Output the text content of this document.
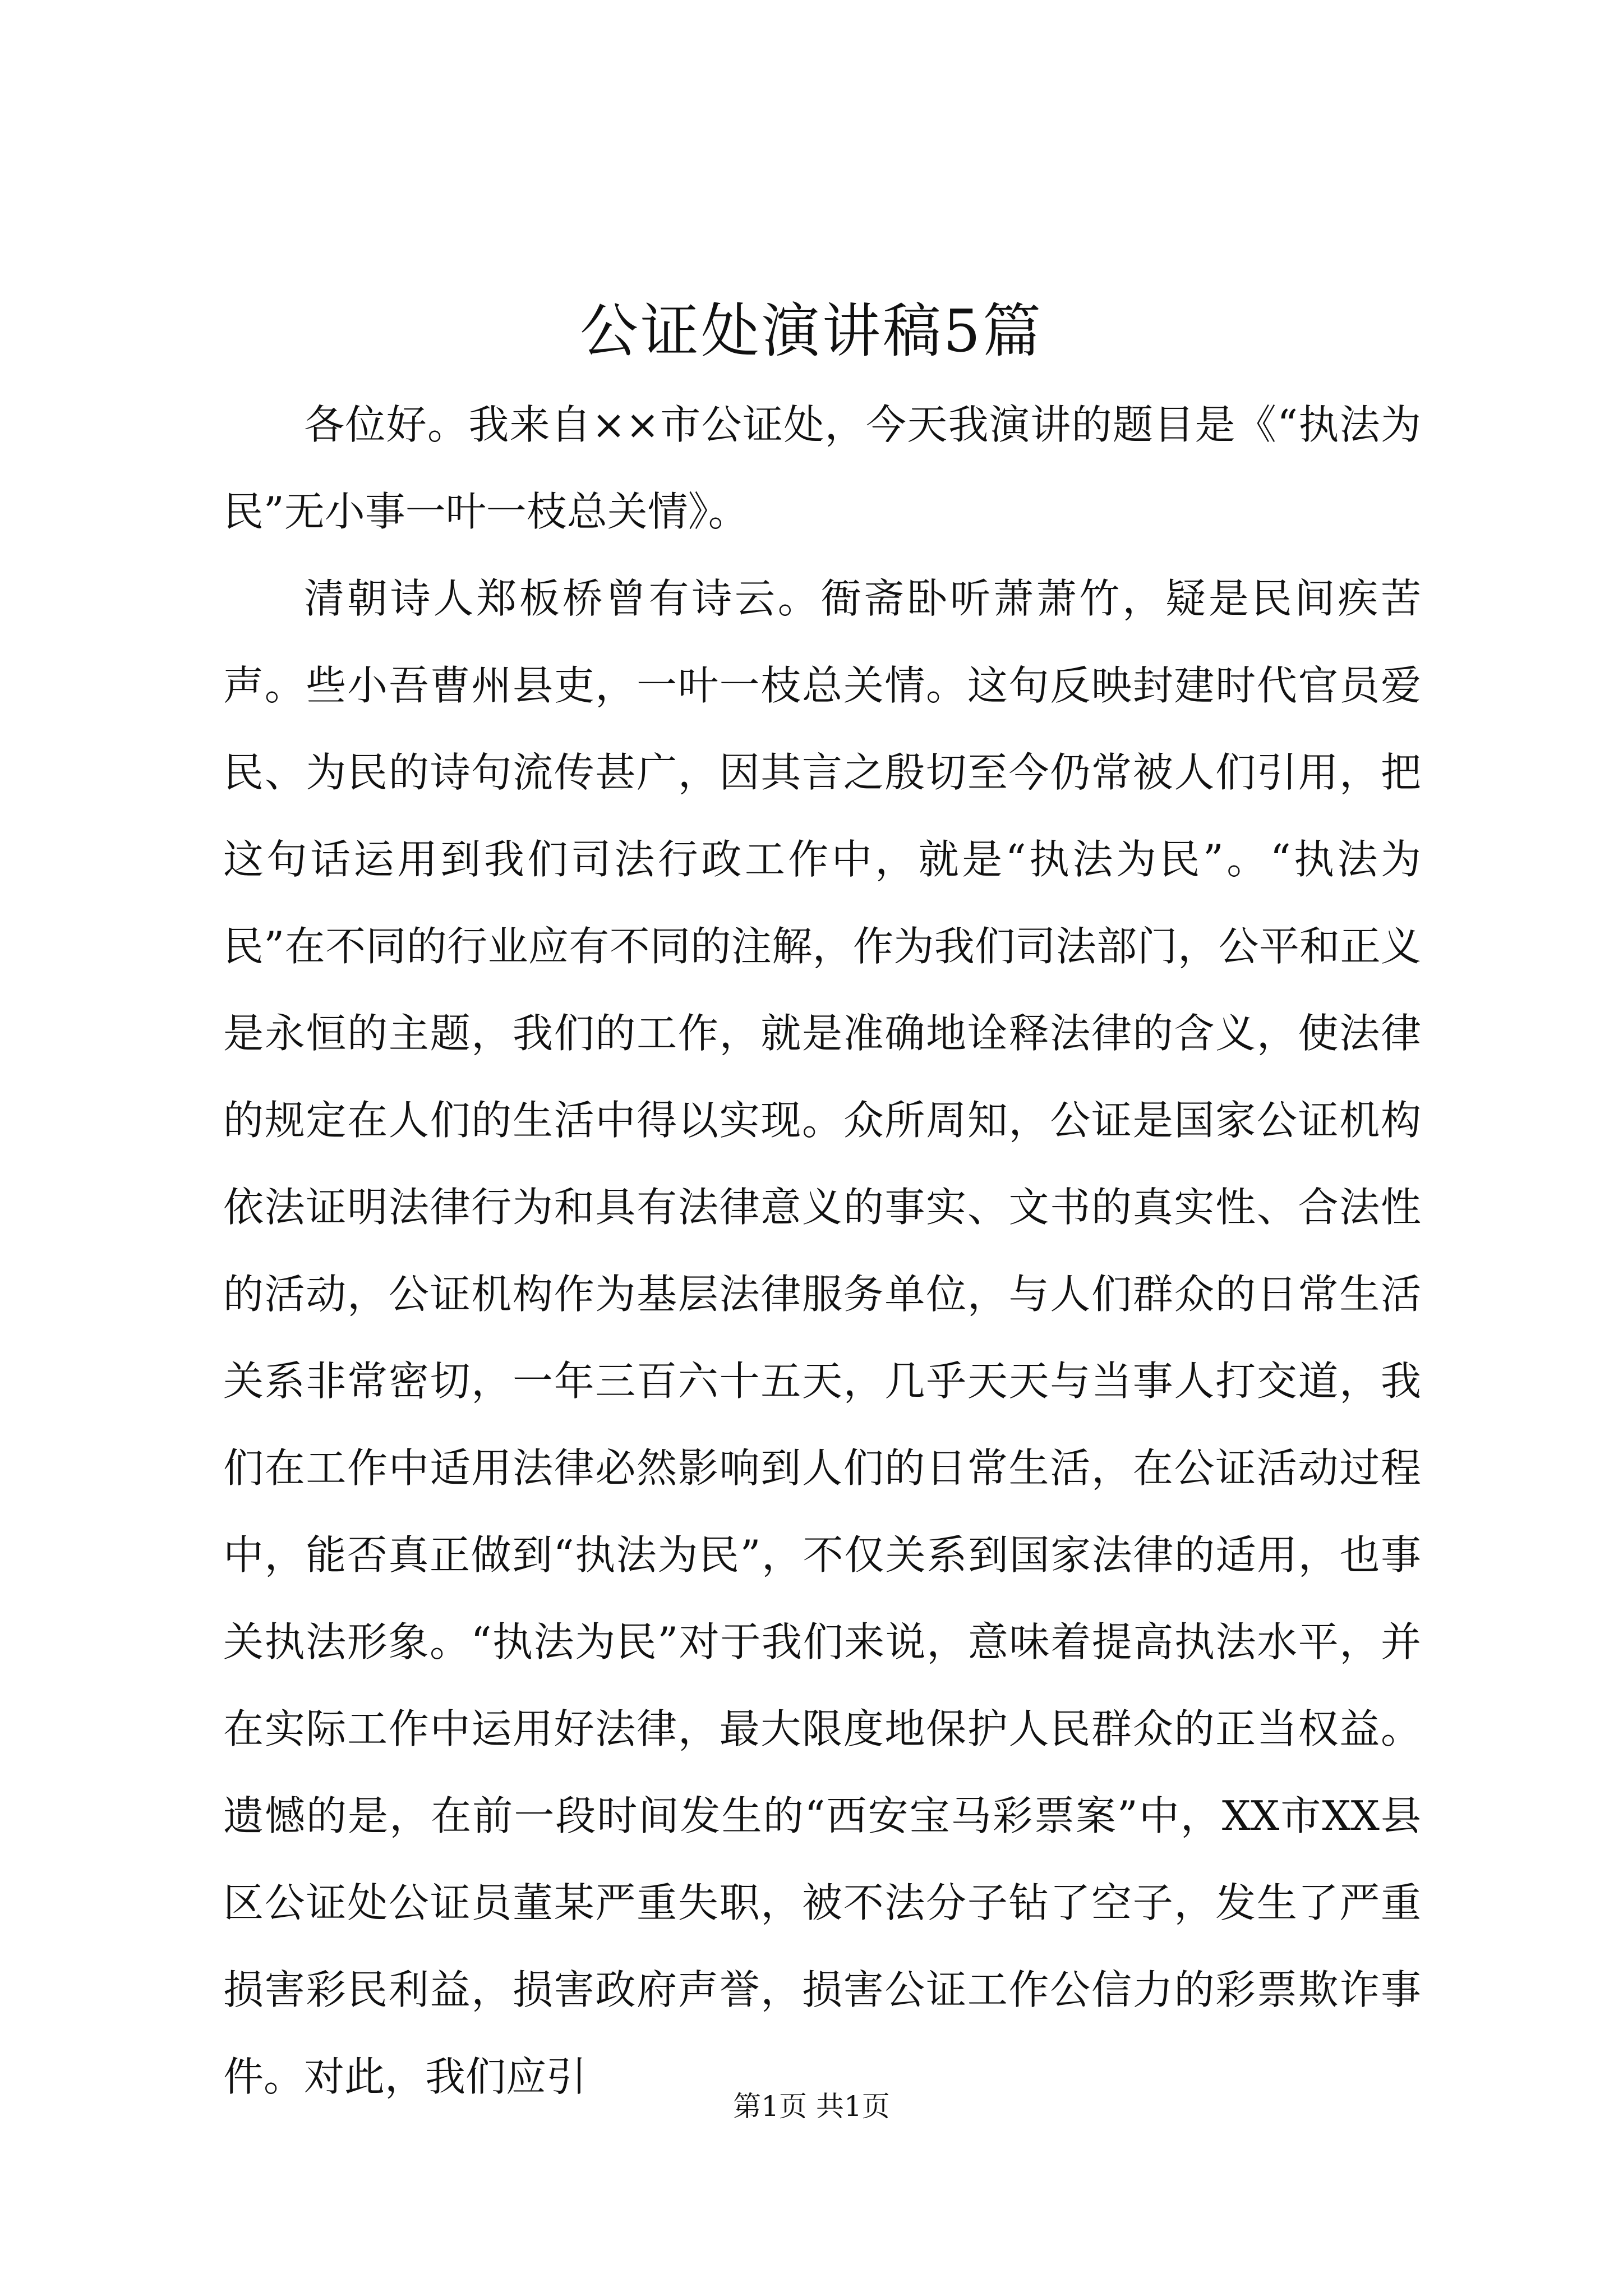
公证处演讲稿5篇

各位好。我来自××市公证处，今天我演讲的题目是《“执法为民”无小事一叶一枝总关情》。

清朝诗人郑板桥曾有诗云。衙斋卧听萧萧竹，疑是民间疾苦声。些小吾曹州县吏，一叶一枝总关情。这句反映封建时代官员爱民、为民的诗句流传甚广，因其言之殷切至今仍常被人们引用，把这句话运用到我们司法行政工作中，就是“执法为民”。“执法为民”在不同的行业应有不同的注解，作为我们司法部门，公平和正义是永恒的主题，我们的工作，就是准确地诠释法律的含义，使法律的规定在人们的生活中得以实现。众所周知，公证是国家公证机构依法证明法律行为和具有法律意义的事实、文书的真实性、合法性的活动，公证机构作为基层法律服务单位，与人们群众的日常生活关系非常密切，一年三百六十五天，几乎天天与当事人打交道，我们在工作中适用法律必然影响到人们的日常生活，在公证活动过程中，能否真正做到“执法为民”，不仅关系到国家法律的适用，也事关执法形象。“执法为民”对于我们来说，意味着提高执法水平，并在实际工作中运用好法律，最大限度地保护人民群众的正当权益。遗憾的是，在前一段时间发生的“西安宝马彩票案”中，XX市XX县区公证处公证员董某严重失职，被不法分子钻了空子，发生了严重损害彩民利益，损害政府声誉，损害公证工作公信力的彩票欺诈事件。对此，我们应引

第1页 共1页
